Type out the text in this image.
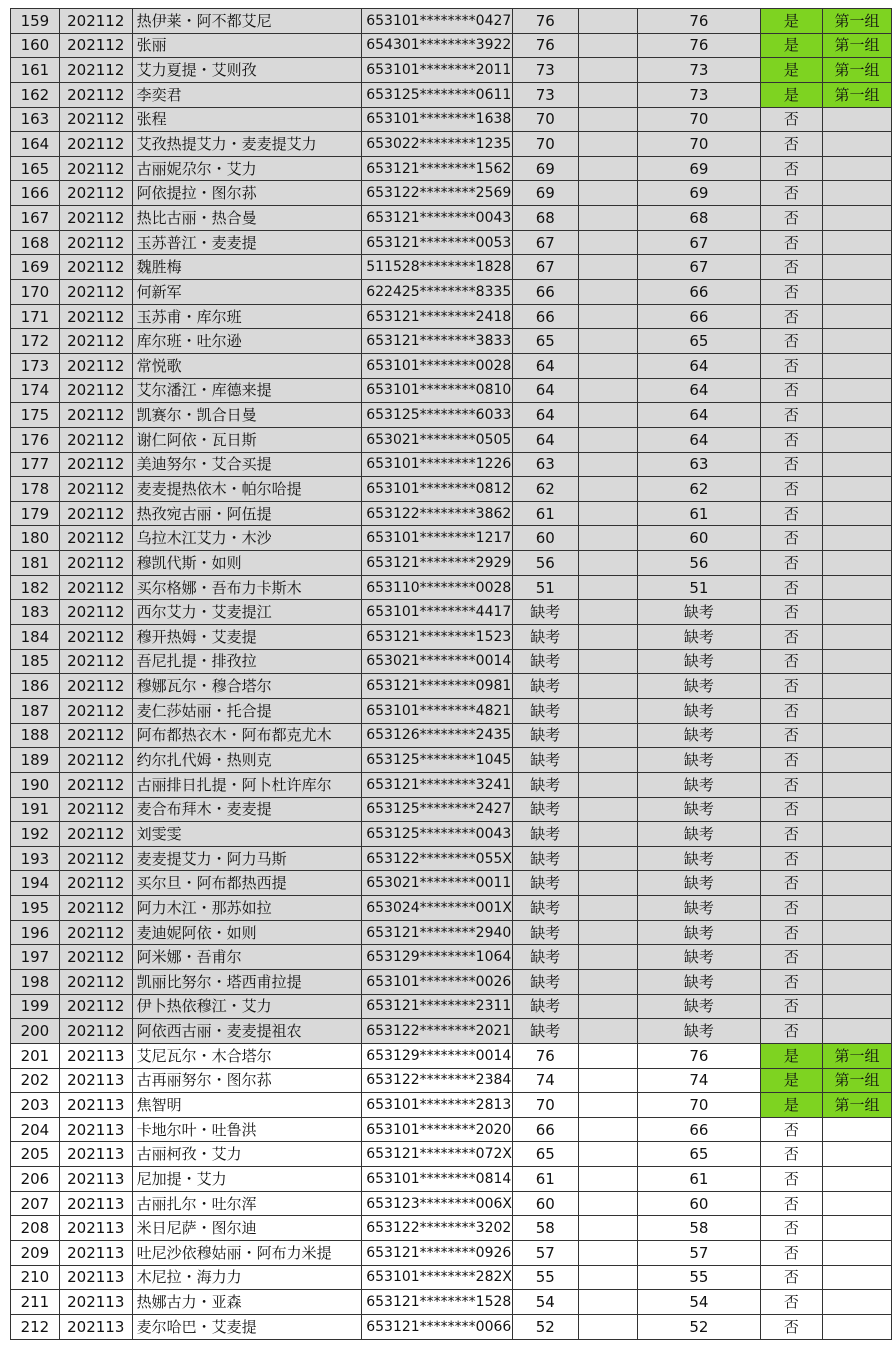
159	202112	热伊莱・阿不都艾尼	653101********0427	76		76	是	第一组
160	202112	张丽	654301********3922	76		76	是	第一组
161	202112	艾力夏提・艾则孜	653101********2011	73		73	是	第一组
162	202112	李奕君	653125********0611	73		73	是	第一组
163	202112	张程	653101********1638	70		70	否	
164	202112	艾孜热提艾力・麦麦提艾力	653022********1235	70		70	否	
165	202112	古丽妮尕尔・艾力	653121********1562	69		69	否	
166	202112	阿依提拉・图尔荪	653122********2569	69		69	否	
167	202112	热比古丽・热合曼	653121********0043	68		68	否	
168	202112	玉苏普江・麦麦提	653121********0053	67		67	否	
169	202112	魏胜梅	511528********1828	67		67	否	
170	202112	何新军	622425********8335	66		66	否	
171	202112	玉苏甫・库尔班	653121********2418	66		66	否	
172	202112	库尔班・吐尔逊	653121********3833	65		65	否	
173	202112	常悦歌	653101********0028	64		64	否	
174	202112	艾尔潘江・库德来提	653101********0810	64		64	否	
175	202112	凯赛尔・凯合日曼	653125********6033	64		64	否	
176	202112	谢仁阿依・瓦日斯	653021********0505	64		64	否	
177	202112	美迪努尔・艾合买提	653101********1226	63		63	否	
178	202112	麦麦提热依木・帕尔哈提	653101********0812	62		62	否	
179	202112	热孜宛古丽・阿伍提	653122********3862	61		61	否	
180	202112	乌拉木江艾力・木沙	653101********1217	60		60	否	
181	202112	穆凯代斯・如则	653121********2929	56		56	否	
182	202112	买尔格娜・吾布力卡斯木	653110********0028	51		51	否	
183	202112	西尔艾力・艾麦提江	653101********4417	缺考		缺考	否	
184	202112	穆开热姆・艾麦提	653121********1523	缺考		缺考	否	
185	202112	吾尼扎提・排孜拉	653021********0014	缺考		缺考	否	
186	202112	穆娜瓦尔・穆合塔尔	653121********0981	缺考		缺考	否	
187	202112	麦仁莎姑丽・托合提	653101********4821	缺考		缺考	否	
188	202112	阿布都热衣木・阿布都克尤木	653126********2435	缺考		缺考	否	
189	202112	约尔扎代姆・热则克	653125********1045	缺考		缺考	否	
190	202112	古丽排日扎提・阿卜杜许库尔	653121********3241	缺考		缺考	否	
191	202112	麦合布拜木・麦麦提	653125********2427	缺考		缺考	否	
192	202112	刘雯雯	653125********0043	缺考		缺考	否	
193	202112	麦麦提艾力・阿力马斯	653122********055X	缺考		缺考	否	
194	202112	买尔旦・阿布都热西提	653021********0011	缺考		缺考	否	
195	202112	阿力木江・那苏如拉	653024********001X	缺考		缺考	否	
196	202112	麦迪妮阿依・如则	653121********2940	缺考		缺考	否	
197	202112	阿米娜・吾甫尔	653129********1064	缺考		缺考	否	
198	202112	凯丽比努尔・塔西甫拉提	653101********0026	缺考		缺考	否	
199	202112	伊卜热依穆江・艾力	653121********2311	缺考		缺考	否	
200	202112	阿依西古丽・麦麦提祖农	653122********2021	缺考		缺考	否	
201	202113	艾尼瓦尔・木合塔尔	653129********0014	76		76	是	第一组
202	202113	古再丽努尔・图尔荪	653122********2384	74		74	是	第一组
203	202113	焦智明	653101********2813	70		70	是	第一组
204	202113	卡地尔叶・吐鲁洪	653101********2020	66		66	否	
205	202113	古丽柯孜・艾力	653121********072X	65		65	否	
206	202113	尼加提・艾力	653101********0814	61		61	否	
207	202113	古丽扎尔・吐尔浑	653123********006X	60		60	否	
208	202113	米日尼萨・图尔迪	653122********3202	58		58	否	
209	202113	吐尼沙依穆姑丽・阿布力米提	653121********0926	57		57	否	
210	202113	木尼拉・海力力	653101********282X	55		55	否	
211	202113	热娜古力・亚森	653121********1528	54		54	否	
212	202113	麦尔哈巴・艾麦提	653121********0066	52		52	否	
